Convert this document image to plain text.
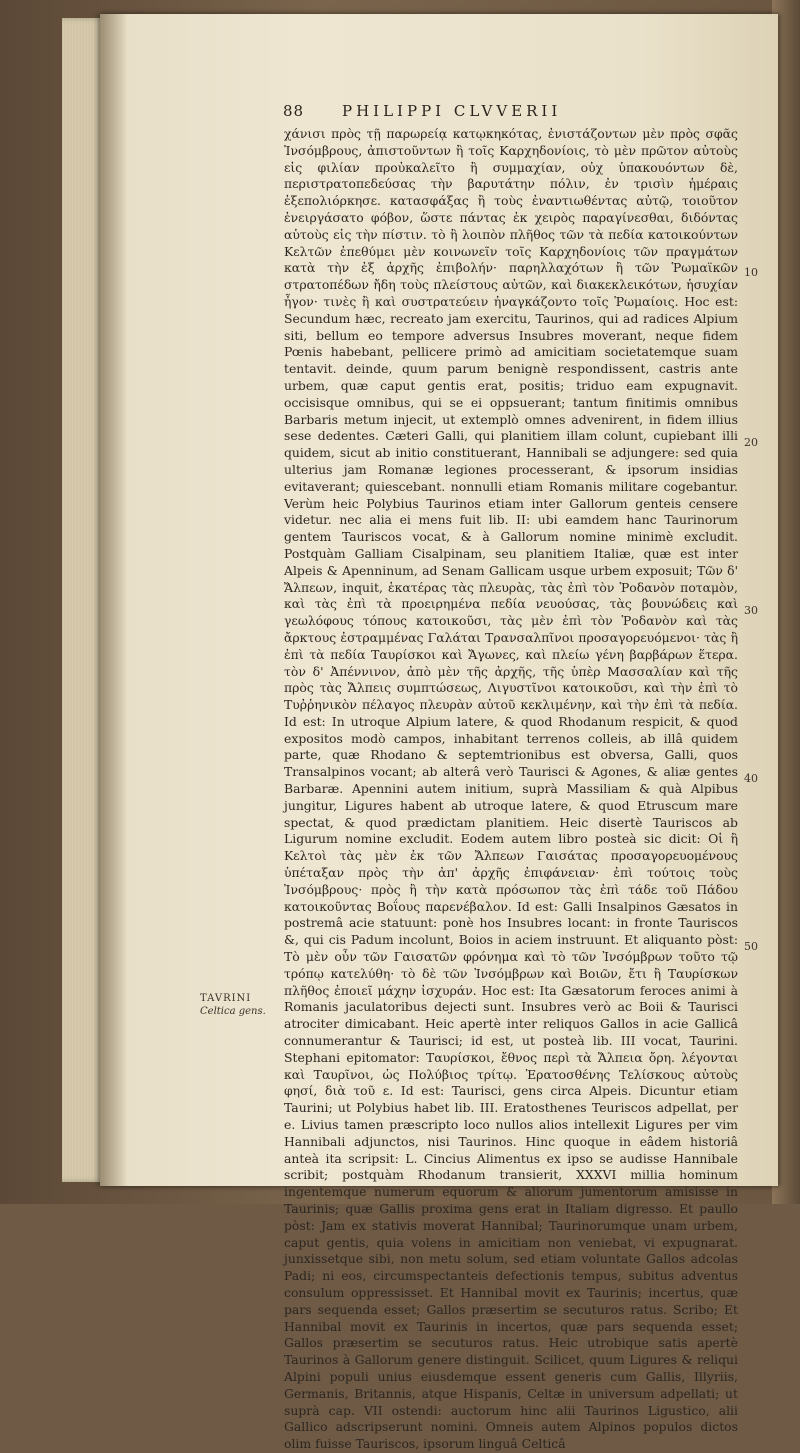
88	PHILIPPI CLVVERII

χάνισι πρὸς τῇ παρωρείᾳ κατῳκηκότας, ἐνιστάζοντων μὲν πρὸς σφᾶς Ἰνσόμβρους, ἀπιστοῦντων ἢ τοῖς Καρχηδονίοις, τὸ μὲν πρῶτον αὐτοὺς εἰς φιλίαν προὐκαλεῖτο ἢ συμμαχίαν, οὐχ ὑπακουόντων δὲ, περιστρατοπεδεύσας τὴν βαρυτάτην πόλιν, ἐν τρισὶν ἡμέραις ἐξεπολιόρκησε. κατασφάξας ἢ τοὺς ἐναντιωθέντας αὐτῷ, τοιοῦτον ἐνειργάσατο φόβον, ὥστε πάντας ἐκ χειρὸς παραγίνεσθαι, διδόντας αὑτοὺς εἰς τὴν πίστιν. τὸ ἢ λοιπὸν πλῆθος τῶν τὰ πεδία κατοικούντων Κελτῶν ἐπεθύμει μὲν κοινωνεῖν τοῖς Καρχηδονίοις τῶν πραγμάτων κατὰ τὴν ἐξ ἀρχῆς ἐπιβολήν· παρηλλαχότων ἢ τῶν Ῥωμαϊκῶν στρατοπέδων ἤδη τοὺς πλείστους αὐτῶν, καὶ διακεκλεικότων, ἡσυχίαν ἦγον· τινὲς ἢ καὶ συστρατεύειν ἠναγκάζοντο τοῖς Ῥωμαίοις. Hoc est: Secundum hæc, recreato jam exercitu, Taurinos, qui ad radices Alpium siti, bellum eo tempore adversus Insubres moverant, neque fidem Pœnis habebant, pellicere primò ad amicitiam societatemque suam tentavit. deinde, quum parum benignè respondissent, castris ante urbem, quæ caput gentis erat, positis; triduo eam expugnavit. occisisque omnibus, qui se ei oppsuerant; tantum finitimis omnibus Barbaris metum injecit, ut extemplò omnes advenirent, in fidem illius sese dedentes. Cæteri Galli, qui planitiem illam colunt, cupiebant illi quidem, sicut ab initio constituerant, Hannibali se adjungere: sed quia ulterius jam Romanæ legiones processerant, & ipsorum insidias evitaverant; quiescebant. nonnulli etiam Romanis militare cogebantur. Verùm heic Polybius Taurinos etiam inter Gallorum genteis censere videtur. nec alia ei mens fuit lib. II: ubi eamdem hanc Taurinorum gentem Tauriscos vocat, & à Gallorum nomine minimè excludit. Postquàm Galliam Cisalpinam, seu planitiem Italiæ, quæ est inter Alpeis & Apenninum, ad Senam Gallicam usque urbem exposuit; Τῶν δ' Ἄλπεων, inquit, ἑκατέρας τὰς πλευρὰς, τὰς ἐπὶ τὸν Ῥοδανὸν ποταμὸν, καὶ τὰς ἐπὶ τὰ προειρημένα πεδία νευούσας, τὰς βουνώδεις καὶ γεωλόφους τόπους κατοικοῦσι, τὰς μὲν ἐπὶ τὸν Ῥοδανὸν καὶ τὰς ἄρκτους ἐστραμμένας Γαλάται Τρανσαλπῖνοι προσαγορευόμενοι· τὰς ἢ ἐπὶ τὰ πεδία Ταυρίσκοι καὶ Ἄγωνες, καὶ πλείω γένη βαρβάρων ἕτερα. τὸν δ' Ἀπέννινον, ἀπὸ μὲν τῆς ἀρχῆς, τῆς ὑπὲρ Μασσαλίαν καὶ τῆς πρὸς τὰς Ἄλπεις συμπτώσεως, Λιγυστῖνοι κατοικοῦσι, καὶ τὴν ἐπὶ τὸ Τυῤῥηνικὸν πέλαγος πλευρὰν αὐτοῦ κεκλιμένην, καὶ τὴν ἐπὶ τὰ πεδία. Id est: In utroque Alpium latere, & quod Rhodanum respicit, & quod expositos modò campos, inhabitant terrenos colleis, ab illâ quidem parte, quæ Rhodano & septemtrionibus est obversa, Galli, quos Transalpinos vocant; ab alterâ verò Taurisci & Agones, & aliæ gentes Barbaræ. Apennini autem initium, suprà Massiliam & quà Alpibus jungitur, Ligures habent ab utroque latere, & quod Etruscum mare spectat, & quod prædictam planitiem. Heic disertè Tauriscos ab Ligurum nomine excludit. Eodem autem libro posteà sic dicit: Οἱ ἢ Κελτοὶ τὰς μὲν ἐκ τῶν Ἄλπεων Γαισάτας προσαγορευομένους ὑπέταξαν πρὸς τὴν ἀπ' ἀρχῆς ἐπιφάνειαν· ἐπὶ τούτοις τοὺς Ἰνσόμβρους· πρὸς ἢ τὴν κατὰ πρόσωπον τὰς ἐπὶ τάδε τοῦ Πάδου κατοικοῦντας Βοΐους παρενέβαλον. Id est: Galli Insalpinos Gæsatos in postremâ acie statuunt: ponè hos Insubres locant: in fronte Tauriscos &, qui cis Padum incolunt, Boios in aciem instruunt. Et aliquanto pòst: Τὸ μὲν οὖν τῶν Γαισατῶν φρόνημα καὶ τὸ τῶν Ἰνσόμβρων τοῦτο τῷ τρόπῳ κατελύθη· τὸ δὲ τῶν Ἰνσόμβρων καὶ Βοιῶν, ἔτι ἢ Ταυρίσκων πλῆθος ἐποιεῖ μάχην ἰσχυράν. Hoc est: Ita Gæsatorum feroces animi à Romanis jaculatoribus dejecti sunt. Insubres verò ac Boii & Taurisci atrociter dimicabant. Heic apertè inter reliquos Gallos in acie Gallicâ connumerantur & Taurisci; id est, ut posteà lib. III vocat, Taurini. Stephani epitomator: Ταυρίσκοι, ἔθνος περὶ τὰ Ἄλπεια ὄρη. λέγονται καὶ Ταυρῖνοι, ὡς Πολύβιος τρίτῳ. Ἐρατοσθένης Τελίσκους αὐτοὺς φησί, διὰ τοῦ ε. Id est: Taurisci, gens circa Alpeis. Dicuntur etiam Taurini; ut Polybius habet lib. III. Eratosthenes Teuriscos adpellat, per e. Livius tamen præscripto loco nullos alios intellexit Ligures per vim Hannibali adjunctos, nisi Taurinos. Hinc quoque in eâdem historiâ anteà ita scripsit: L. Cincius Alimentus ex ipso se audisse Hannibale scribit; postquàm Rhodanum transierit, XXXVI millia hominum ingentemque numerum equorum & aliorum jumentorum amisisse in Taurinis; quæ Gallis proxima gens erat in Italiam digresso. Et paullo pòst: Jam ex stativis moverat Hannibal; Taurinorumque unam urbem, caput gentis, quia volens in amicitiam non veniebat, vi expugnarat. junxissetque sibi, non metu solum, sed etiam voluntate Gallos adcolas Padi; ni eos, circumspectanteis defectionis tempus, subitus adventus consulum oppressisset. Et Hannibal movit ex Taurinis; incertus, quæ pars sequenda esset; Gallos præsertim se secuturos ratus. Scribo; Et Hannibal movit ex Taurinis in incertos, quæ pars sequenda esset; Gallos præsertim se secuturos ratus. Heic utrobique satis apertè Taurinos à Gallorum genere distinguit. Scilicet, quum Ligures & reliqui Alpini populi unius eiusdemque essent generis cum Gallis, Illyriis, Germanis, Britannis, atque Hispanis, Celtæ in universum adpellati; ut suprà cap. VII ostendi: auctorum hinc alii Taurinos Ligustico, alii Gallico adscripserunt nomini. Omneis autem Alpinos populos dictos olim fuisse Tauriscos, ipsorum linguâ Celticâ

10
20
30
40
50
TAVRINI
Celtica gens.
